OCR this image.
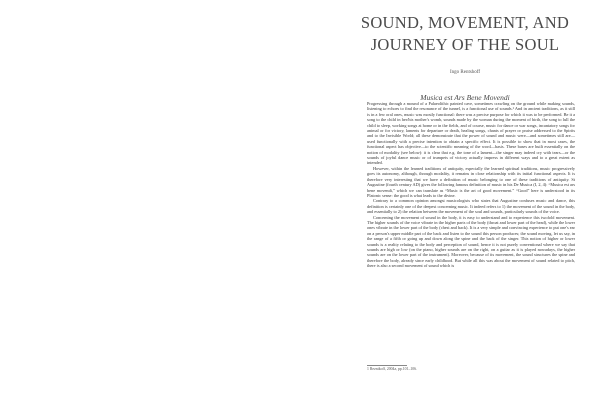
SOUND, MOVEMENT, AND
JOURNEY OF THE SOUL
Ingo Rentshoff
Musica est Ars Bene Movendi

Progressing through a mound of a Palaeolithic painted cave, sometimes crawling on the ground while making sounds, listening to echoes to find the resonance of the tunnel, is a functional use of sounds.¹ And in ancient traditions, as it still is in a few oral ones, music was mostly functional: there was a precise purpose for which it was to be performed. Be it a song to the child in her/his mother's womb, sounds made by the woman during the moment of birth, the song to lull the child to sleep, working songs at home or in the fields, and of course, music for dance or war songs, incantatory songs for animal or for victory, laments for departure or death, healing songs, chants of prayer or praise addressed to the Spirits and to the Invisible World; all these demonstrate that the power of sound and music were—and sometimes still are—used functionally with a precise intention to obtain a specific effect. It is possible to show that in most cases, the functional aspect has objective—to the scientific meaning of the word—basis. These bases are built essentially on the notion of modality (see below): it is clear that e.g. the tone of a lament—the singer may indeed cry with tears—or the sounds of joyful dance music or of trumpets of victory actually impress in different ways and to a great extent as intended.

However, within the learned traditions of antiquity, especially the learned spiritual traditions, music progressively goes its autonomy, although, through modality, it remains in close relationship with its initial functional aspects. It is therefore very interesting that we have a definition of music belonging to one of these traditions of antiquity. St Augustine (fourth century AD) gives the following famous definition of music in his De Musica (I, 2, 4): “Musica est ars bene movendi,” which we can translate as “Music is the art of good movement.” “Good” here is understood in its Platonic sense: the good is what leads to the divine.

Contrary to a common opinion amongst musicologists who states that Augustine confuses music and dance, this definition is certainly one of the deepest concerning music. It indeed refers to 1) the movement of the sound in the body, and essentially to 2) the relation between the movement of the soul and sounds, particularly sounds of the voice.

Concerning the movement of sound in the body, it is easy to understand and to experience this twofold movement. The higher sounds of the voice vibrate in the higher parts of the body (throat and lower part of the head), while the lower ones vibrate in the lower part of the body (chest and back). It is a very simple and convincing experience to put one's ear on a person's upper middle part of the back and listen to the sound this person produces; the sound moving, let us say, in the range of a fifth or going up and down along the spine and the back of the singer. This notion of higher or lower sounds is a reality relating to the body and perception of sound, hence it is not purely conventional where we say that sounds are high or low (on the piano, higher sounds are on the right, on a guitar as it is played nowadays, the higher sounds are on the lower part of the instrument). Moreover, because of its movement, the sound structures the spine and therefore the body, already since early childhood. But while all this was about the movement of sound related to pitch, there is also a second movement of sound which is

1 Reznikoff, 2004a, pp.101–106.
